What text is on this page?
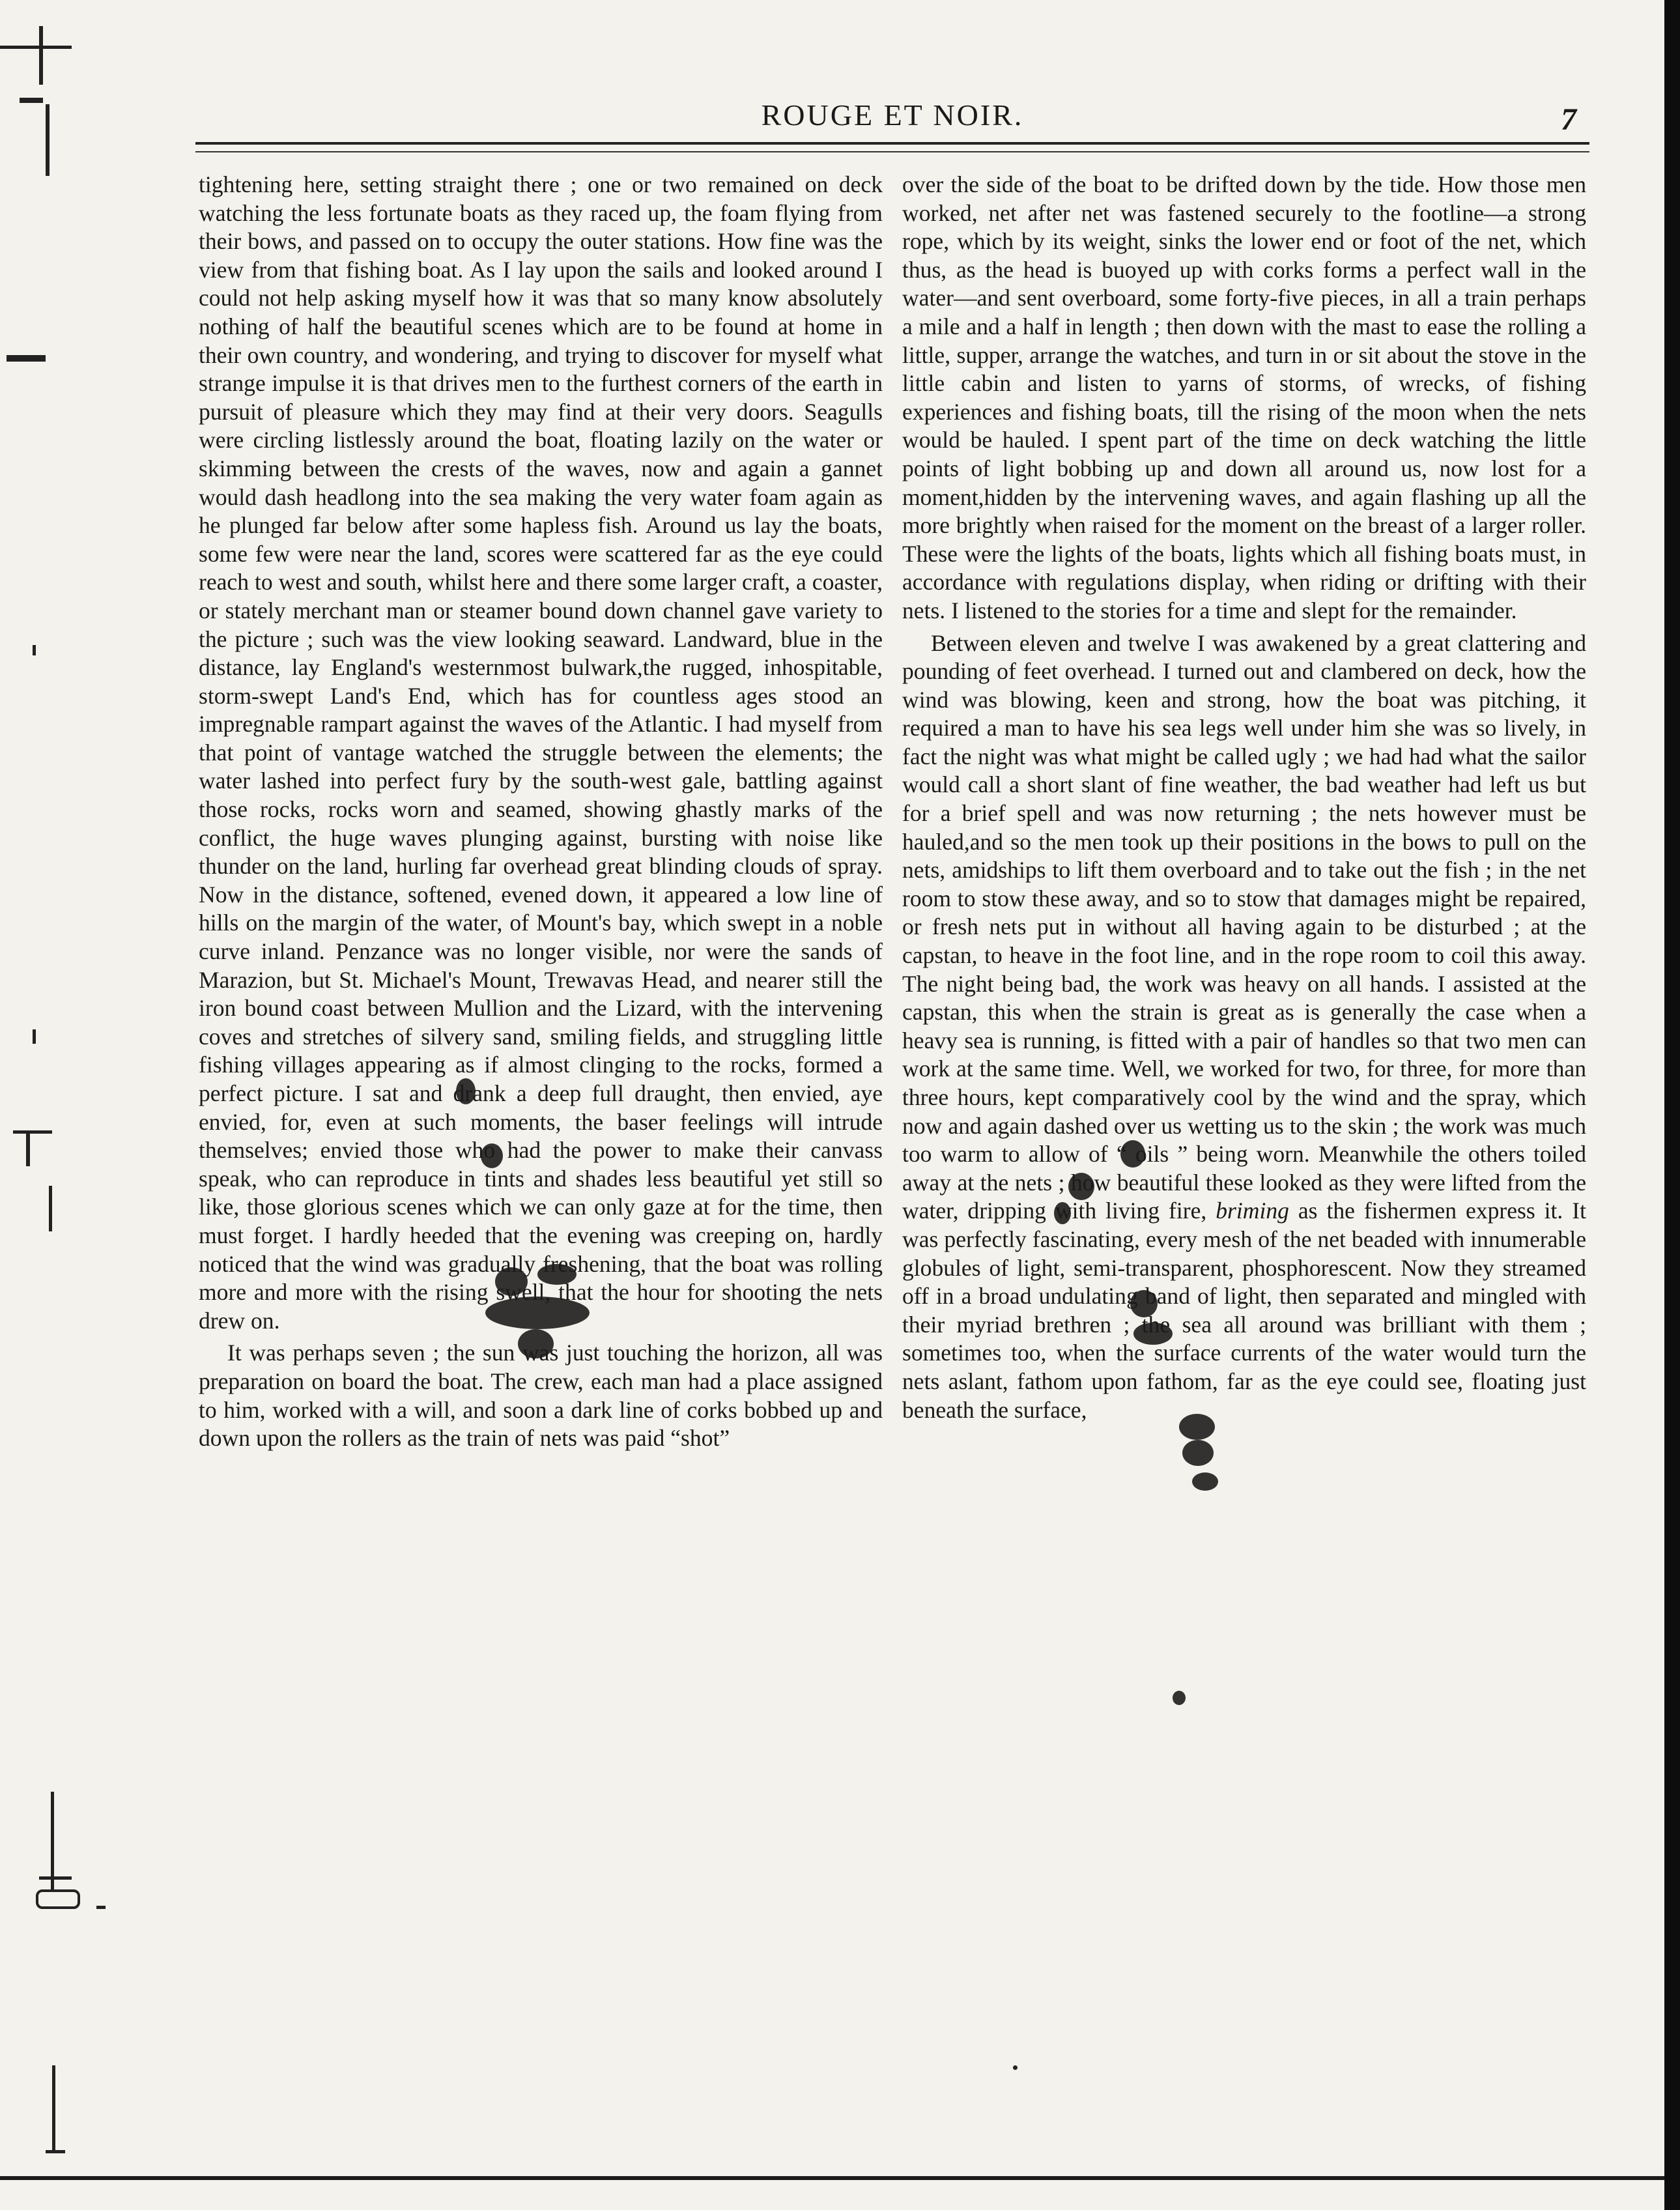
ROUGE ET NOIR.	7

tightening here, setting straight there ; one or two remained on deck watching the less fortunate boats as they raced up, the foam flying from their bows, and passed on to occupy the outer stations. How fine was the view from that fishing boat. As I lay upon the sails and looked around I could not help asking myself how it was that so many know absolutely nothing of half the beautiful scenes which are to be found at home in their own country, and wondering, and trying to discover for myself what strange impulse it is that drives men to the furthest corners of the earth in pursuit of pleasure which they may find at their very doors. Seagulls were circling listlessly around the boat, floating lazily on the water or skimming between the crests of the waves, now and again a gannet would dash headlong into the sea making the very water foam again as he plunged far below after some hapless fish. Around us lay the boats, some few were near the land, scores were scattered far as the eye could reach to west and south, whilst here and there some larger craft, a coaster, or stately merchant man or steamer bound down channel gave variety to the picture ; such was the view looking seaward. Landward, blue in the distance, lay England's westernmost bulwark,the rugged, inhospitable, storm-swept Land's End, which has for countless ages stood an impregnable rampart against the waves of the Atlantic. I had myself from that point of vantage watched the struggle between the elements; the water lashed into perfect fury by the south-west gale, battling against those rocks, rocks worn and seamed, showing ghastly marks of the conflict, the huge waves plunging against, bursting with noise like thunder on the land, hurling far overhead great blinding clouds of spray. Now in the distance, softened, evened down, it appeared a low line of hills on the margin of the water, of Mount's bay, which swept in a noble curve inland. Penzance was no longer visible, nor were the sands of Marazion, but St. Michael's Mount, Trewavas Head, and nearer still the iron bound coast between Mullion and the Lizard, with the intervening coves and stretches of silvery sand, smiling fields, and struggling little fishing villages appearing as if almost clinging to the rocks, formed a perfect picture. I sat and drank a deep full draught, then envied, aye envied, for, even at such moments, the baser feelings will intrude themselves; envied those who had the power to make their canvass speak, who can reproduce in tints and shades less beautiful yet still so like, those glorious scenes which we can only gaze at for the time, then must forget. I hardly heeded that the evening was creeping on, hardly noticed that the wind was gradually freshening, that the boat was rolling more and more with the rising swell, that the hour for shooting the nets drew on.

It was perhaps seven ; the sun was just touching the horizon, all was preparation on board the boat. The crew, each man had a place assigned to him, worked with a will, and soon a dark line of corks bobbed up and down upon the rollers as the train of nets was paid “shot”

over the side of the boat to be drifted down by the tide. How those men worked, net after net was fastened securely to the footline—a strong rope, which by its weight, sinks the lower end or foot of the net, which thus, as the head is buoyed up with corks forms a perfect wall in the water—and sent overboard, some forty-five pieces, in all a train perhaps a mile and a half in length ; then down with the mast to ease the rolling a little, supper, arrange the watches, and turn in or sit about the stove in the little cabin and listen to yarns of storms, of wrecks, of fishing experiences and fishing boats, till the rising of the moon when the nets would be hauled. I spent part of the time on deck watching the little points of light bobbing up and down all around us, now lost for a moment,hidden by the intervening waves, and again flashing up all the more brightly when raised for the moment on the breast of a larger roller. These were the lights of the boats, lights which all fishing boats must, in accordance with regulations display, when riding or drifting with their nets. I listened to the stories for a time and slept for the remainder.

Between eleven and twelve I was awakened by a great clattering and pounding of feet overhead. I turned out and clambered on deck, how the wind was blowing, keen and strong, how the boat was pitching, it required a man to have his sea legs well under him she was so lively, in fact the night was what might be called ugly ; we had had what the sailor would call a short slant of fine weather, the bad weather had left us but for a brief spell and was now returning ; the nets however must be hauled,and so the men took up their positions in the bows to pull on the nets, amidships to lift them overboard and to take out the fish ; in the net room to stow these away, and so to stow that damages might be repaired, or fresh nets put in without all having again to be disturbed ; at the capstan, to heave in the foot line, and in the rope room to coil this away. The night being bad, the work was heavy on all hands. I assisted at the capstan, this when the strain is great as is generally the case when a heavy sea is running, is fitted with a pair of handles so that two men can work at the same time. Well, we worked for two, for three, for more than three hours, kept comparatively cool by the wind and the spray, which now and again dashed over us wetting us to the skin ; the work was much too warm to allow of “ oils ” being worn. Meanwhile the others toiled away at the nets ; how beautiful these looked as they were lifted from the water, dripping with living fire, briming as the fishermen express it. It was perfectly fascinating, every mesh of the net beaded with innumerable globules of light, semi-transparent, phosphorescent. Now they streamed off in a broad undulating band of light, then separated and mingled with their myriad brethren ; the sea all around was brilliant with them ; sometimes too, when the surface currents of the water would turn the nets aslant, fathom upon fathom, far as the eye could see, floating just beneath the surface,
